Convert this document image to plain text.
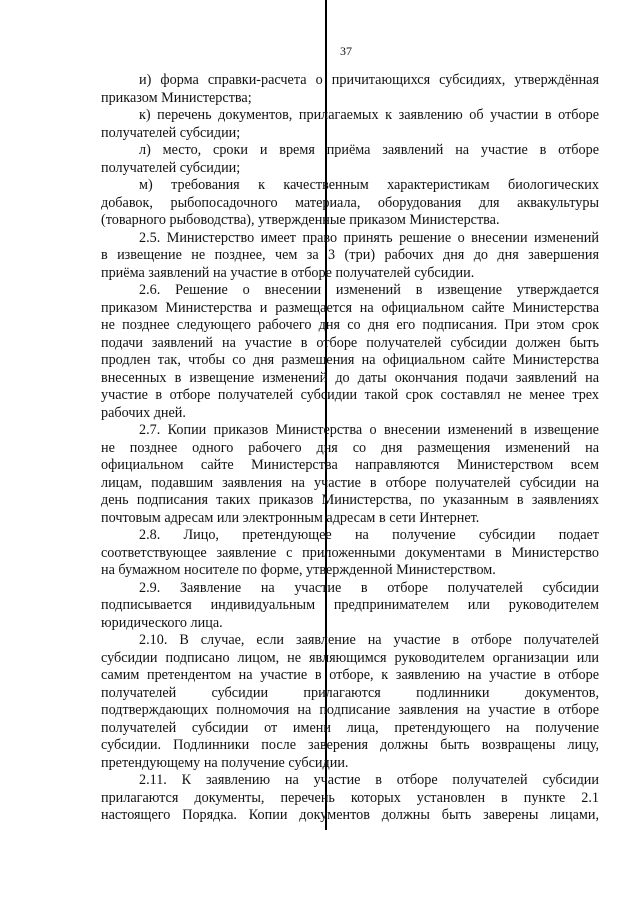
37
и) форма справки-расчета о причитающихся субсидиях, утверждённая
приказом Министерства;
к) перечень документов, прилагаемых к заявлению об участии в отборе
получателей субсидии;
л) место, сроки и время приёма заявлений на участие в отборе
получателей субсидии;
м) требования к качественным характеристикам биологических
добавок, рыбопосадочного материала, оборудования для аквакультуры
(товарного рыбоводства), утвержденные приказом Министерства.
2.5. Министерство имеет право принять решение о внесении изменений
в извещение не позднее, чем за 3 (три) рабочих дня до дня завершения
приёма заявлений на участие в отборе получателей субсидии.
2.6. Решение о внесении изменений в извещение утверждается
приказом Министерства и размещается на официальном сайте Министерства
не позднее следующего рабочего дня со дня его подписания. При этом срок
подачи заявлений на участие в отборе получателей субсидии должен быть
продлен так, чтобы со дня размещения на официальном сайте Министерства
внесенных в извещение изменений до даты окончания подачи заявлений на
участие в отборе получателей субсидии такой срок составлял не менее трех
рабочих дней.
2.7. Копии приказов Министерства о внесении изменений в извещение
не позднее одного рабочего дня со дня размещения изменений на
официальном сайте Министерства направляются Министерством всем
лицам, подавшим заявления на участие в отборе получателей субсидии на
день подписания таких приказов Министерства, по указанным в заявлениях
почтовым адресам или электронным адресам в сети Интернет.
2.8. Лицо, претендующее на получение субсидии подает
соответствующее заявление с приложенными документами в Министерство
на бумажном носителе по форме, утвержденной Министерством.
2.9. Заявление на участие в отборе получателей субсидии
подписывается индивидуальным предпринимателем или руководителем
юридического лица.
2.10. В случае, если заявление на участие в отборе получателей
субсидии подписано лицом, не являющимся руководителем организации или
самим претендентом на участие в отборе, к заявлению на участие в отборе
получателей субсидии прилагаются подлинники документов,
подтверждающих полномочия на подписание заявления на участие в отборе
получателей субсидии от имени лица, претендующего на получение
субсидии. Подлинники после заверения должны быть возвращены лицу,
претендующему на получение субсидии.
2.11. К заявлению на участие в отборе получателей субсидии
прилагаются документы, перечень которых установлен в пункте 2.1
настоящего Порядка. Копии документов должны быть заверены лицами,
